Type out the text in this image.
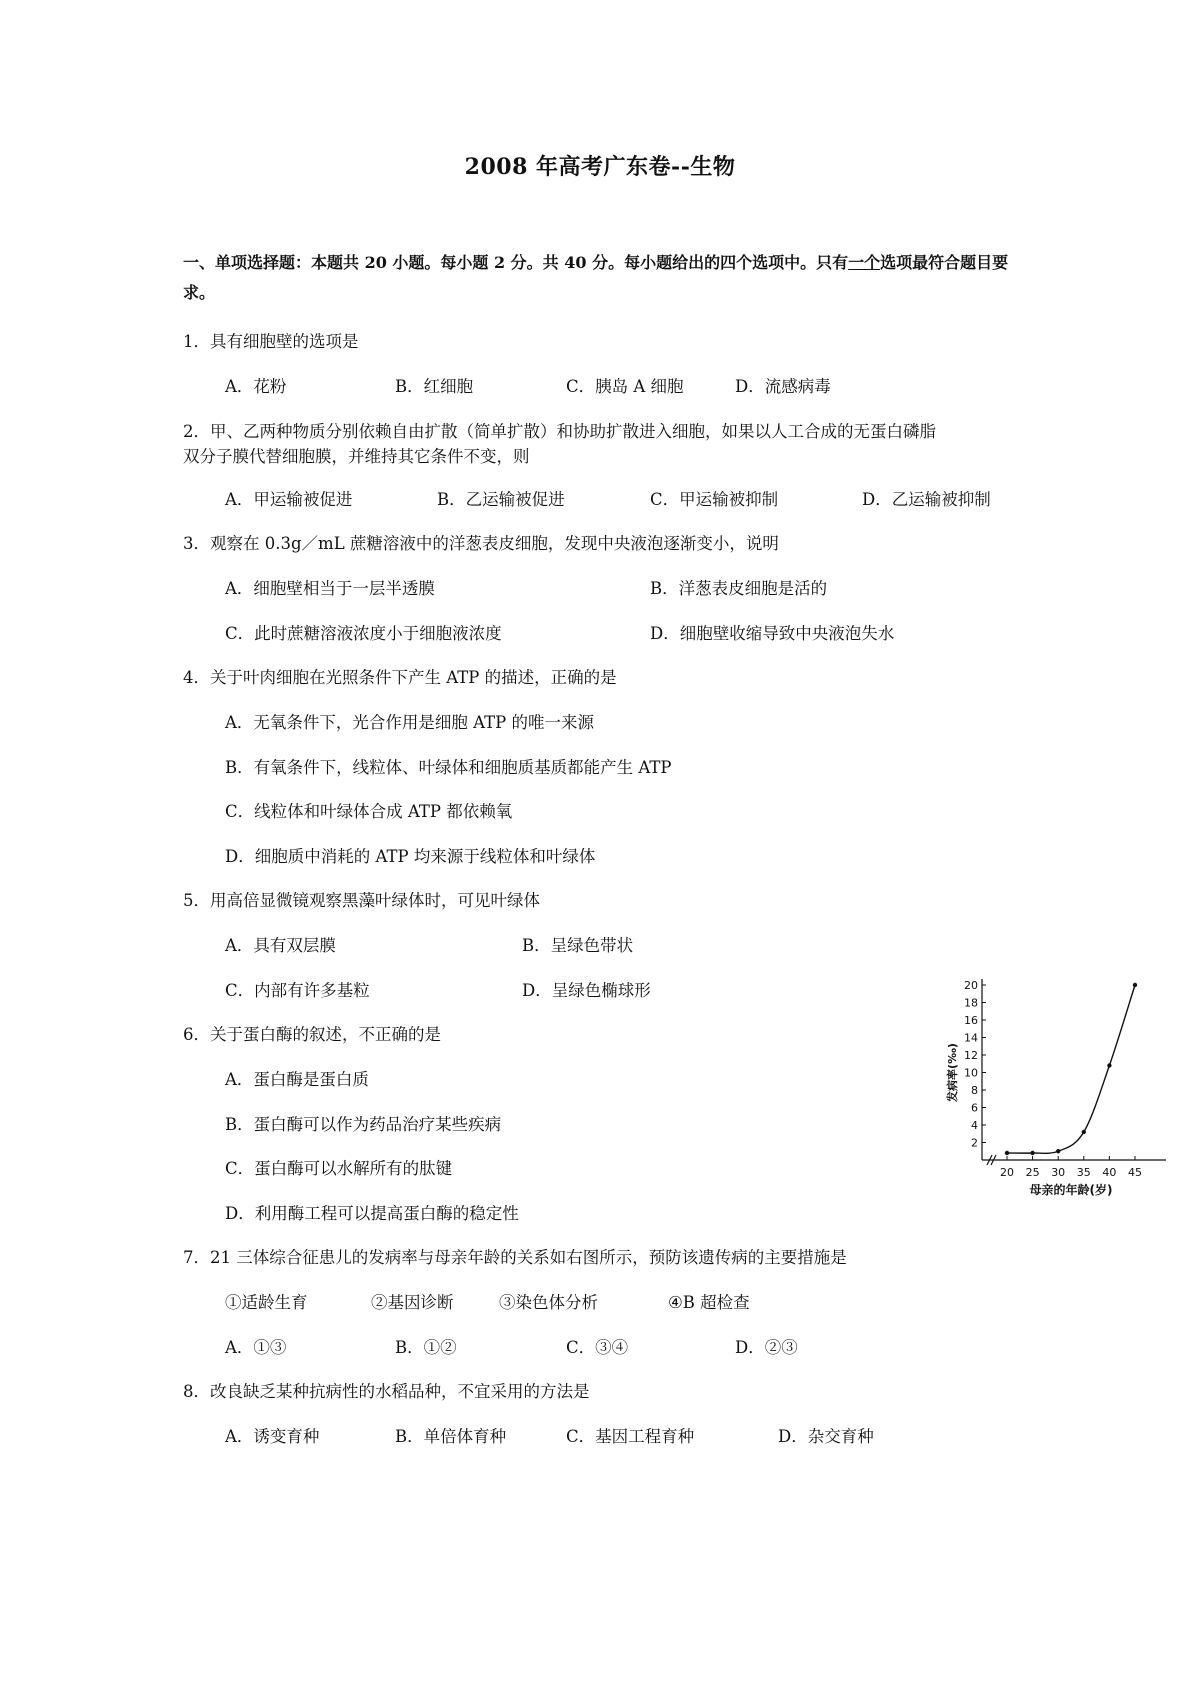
2008 年高考广东卷--生物
一、单项选择题：本题共 20 小题。每小题 2 分。共 40 分。每小题给出的四个选项中。只有一个选项最符合题目要求。
1．具有细胞壁的选项是
A．花粉	B．红细胞	C．胰岛 A 细胞	D．流感病毒
2．甲、乙两种物质分别依赖自由扩散（简单扩散）和协助扩散进入细胞，如果以人工合成的无蛋白磷脂
双分子膜代替细胞膜，并维持其它条件不变，则
A．甲运输被促进	B．乙运输被促进	C．甲运输被抑制	D．乙运输被抑制
3．观察在 0.3g／mL 蔗糖溶液中的洋葱表皮细胞，发现中央液泡逐渐变小，说明
A．细胞壁相当于一层半透膜	B．洋葱表皮细胞是活的
C．此时蔗糖溶液浓度小于细胞液浓度	D．细胞壁收缩导致中央液泡失水
4．关于叶肉细胞在光照条件下产生 ATP 的描述，正确的是
A．无氧条件下，光合作用是细胞 ATP 的唯一来源
B．有氧条件下，线粒体、叶绿体和细胞质基质都能产生 ATP
C．线粒体和叶绿体合成 ATP 都依赖氧
D．细胞质中消耗的 ATP 均来源于线粒体和叶绿体
5．用高倍显微镜观察黑藻叶绿体时，可见叶绿体
A．具有双层膜	B．呈绿色带状
C．内部有许多基粒	D．呈绿色椭球形
6．关于蛋白酶的叙述，不正确的是
A．蛋白酶是蛋白质
B．蛋白酶可以作为药品治疗某些疾病
C．蛋白酶可以水解所有的肽键
D．利用酶工程可以提高蛋白酶的稳定性
7．21 三体综合征患儿的发病率与母亲年龄的关系如右图所示，预防该遗传病的主要措施是
①适龄生育	②基因诊断	③染色体分析	④B 超检查
A．①③	B．①②	C．③④	D．②③
8．改良缺乏某种抗病性的水稻品种，不宜采用的方法是
A．诱变育种	B．单倍体育种	C．基因工程育种	D．杂交育种
2
4
6
8
10
12
14
16
18
20
20 25 30 35 40 45
发病率(‰)
母亲的年龄(岁)
